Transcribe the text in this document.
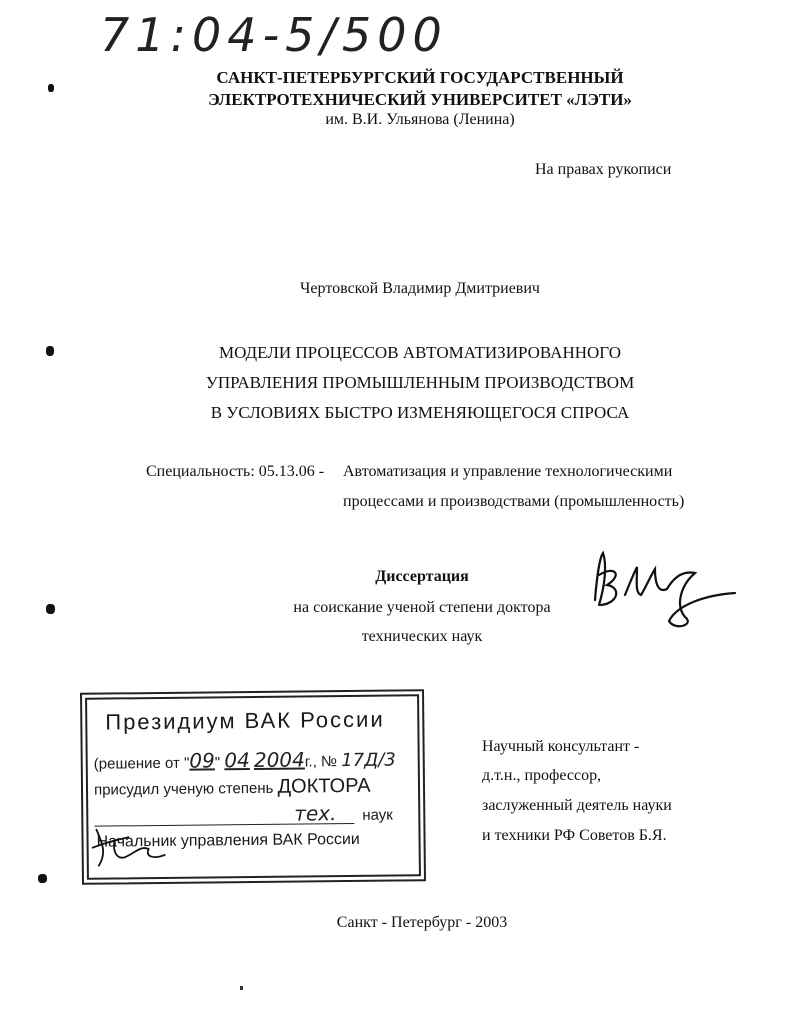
71:04-5/500
САНКТ-ПЕТЕРБУРГСКИЙ ГОСУДАРСТВЕННЫЙ
ЭЛЕКТРОТЕХНИЧЕСКИЙ УНИВЕРСИТЕТ «ЛЭТИ»
им. В.И. Ульянова (Ленина)
На правах рукописи
Чертовской Владимир Дмитриевич
МОДЕЛИ ПРОЦЕССОВ АВТОМАТИЗИРОВАННОГО
УПРАВЛЕНИЯ ПРОМЫШЛЕННЫМ ПРОИЗВОДСТВОМ
В УСЛОВИЯХ БЫСТРО ИЗМЕНЯЮЩЕГОСЯ СПРОСА
Специальность: 05.13.06 - Автоматизация и управление технологическими
процессами и производствами (промышленность)
Диссертация
на соискание ученой степени доктора
технических наук
Президиум ВАК России
(решение от "09" 04 2004г., № 17Д/3
присудил ученую степень ДОКТОРА
тех. наук
Начальник управления ВАК России
Научный консультант -
д.т.н., профессор,
заслуженный деятель науки
и техники РФ Советов Б.Я.
Санкт - Петербург - 2003
